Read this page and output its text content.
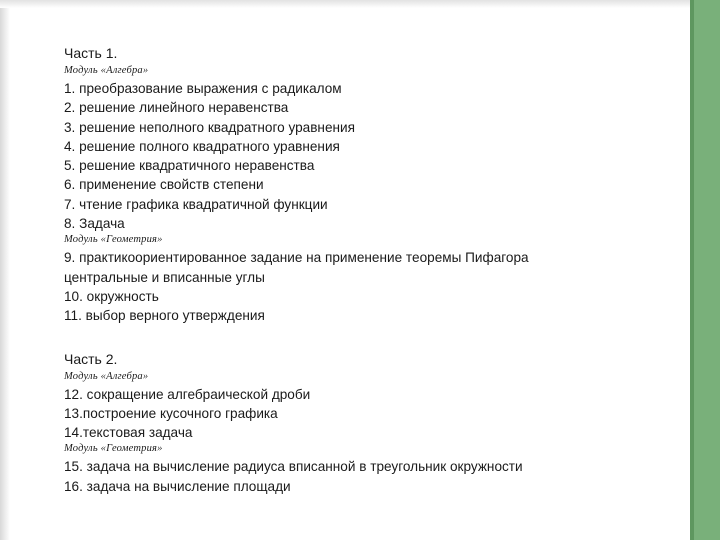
Часть 1.
Модуль «Алгебра»
1. преобразование выражения с радикалом
2. решение линейного неравенства
3. решение неполного квадратного уравнения
4. решение полного квадратного уравнения
5. решение квадратичного неравенства
6. применение свойств степени
7. чтение графика квадратичной функции
8. Задача
Модуль «Геометрия»
9. практикоориентированное задание на применение теоремы Пифагора
центральные и вписанные углы
10. окружность
11. выбор верного утверждения
Часть 2.
Модуль «Алгебра»
12. сокращение алгебраической дроби
13.построение кусочного графика
14.текстовая задача
Модуль «Геометрия»
15. задача на вычисление радиуса вписанной в треугольник окружности
16. задача на вычисление площади
